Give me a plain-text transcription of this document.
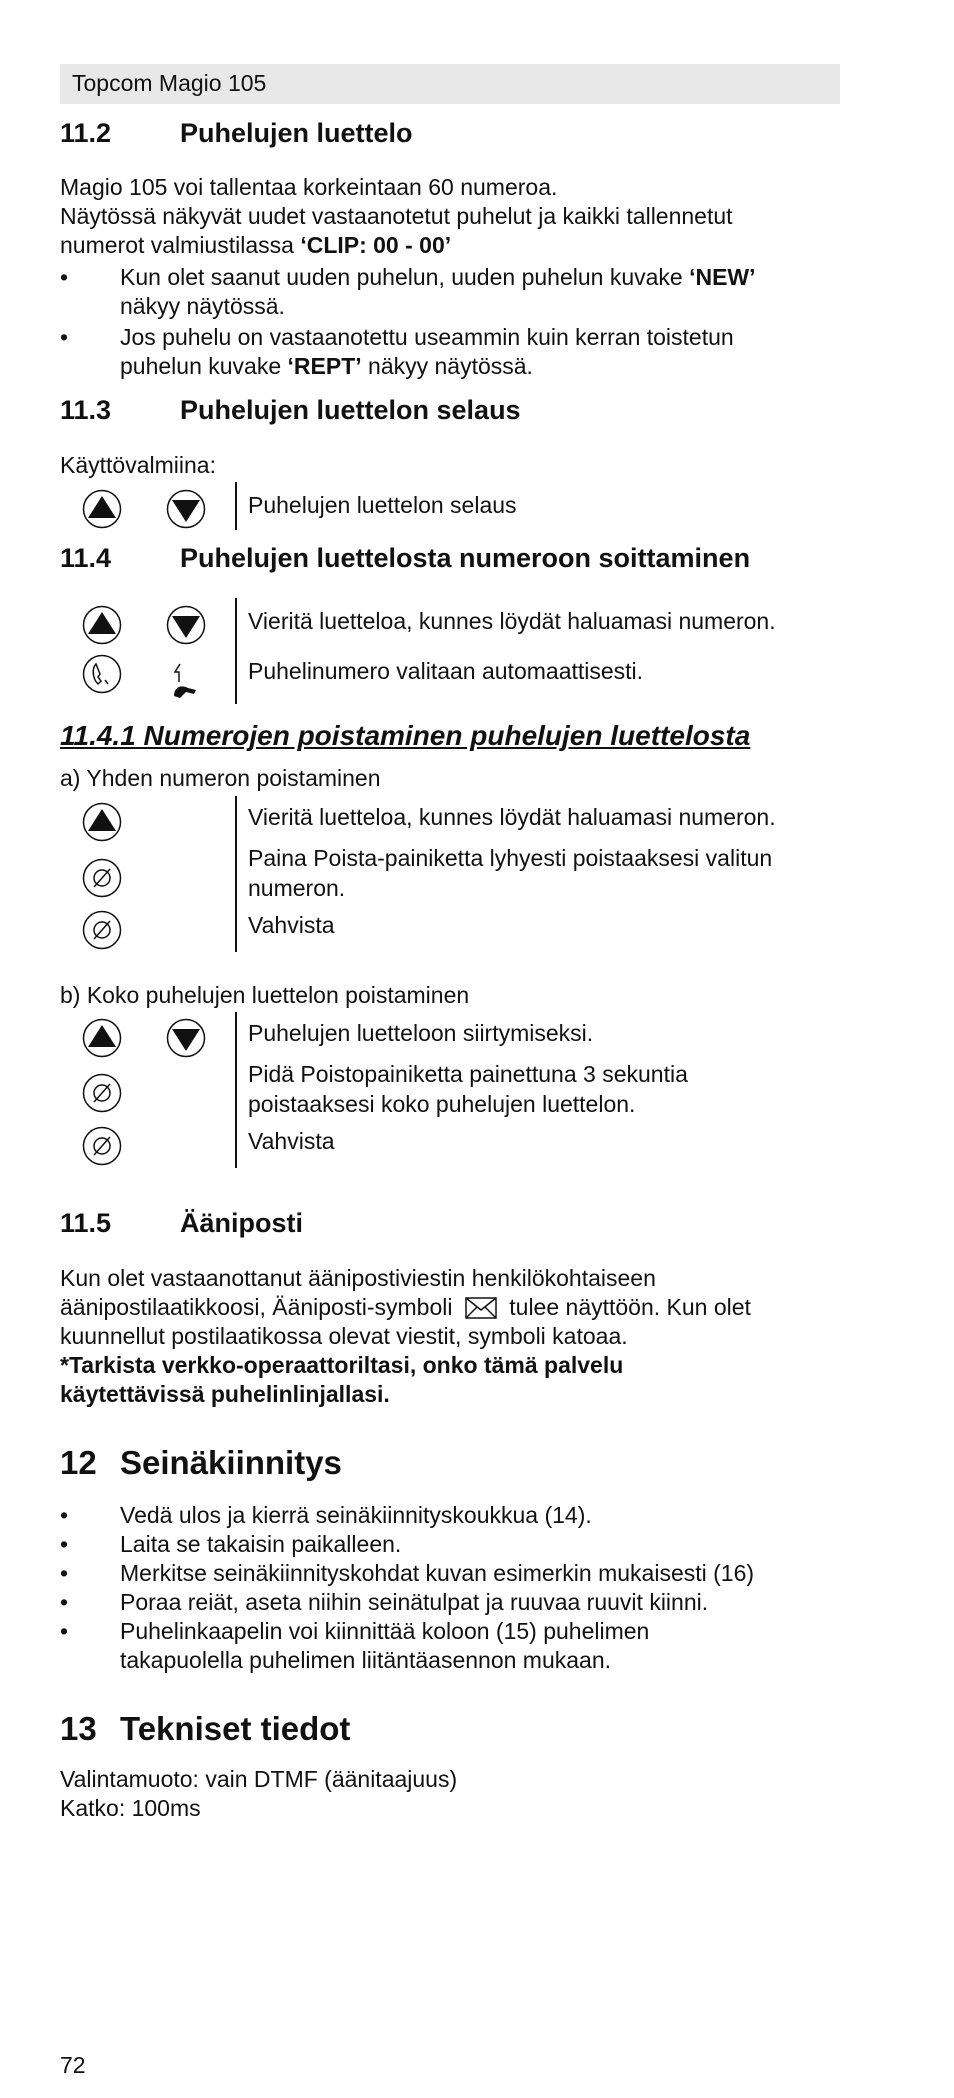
Topcom Magio 105
11.2	Puhelujen luettelo
Magio 105 voi tallentaa korkeintaan 60 numeroa.
Näytössä näkyvät uudet vastaanotetut puhelut ja kaikki tallennetut
numerot valmiustilassa ‘CLIP: 00 - 00’
• Kun olet saanut uuden puhelun, uuden puhelun kuvake ‘NEW’
näkyy näytössä.
• Jos puhelu on vastaanotettu useammin kuin kerran toistetun
puhelun kuvake ‘REPT’ näkyy näytössä.
11.3	Puhelujen luettelon selaus
Käyttövalmiina:
Puhelujen luettelon selaus
11.4	Puhelujen luettelosta numeroon soittaminen
Vieritä luetteloa, kunnes löydät haluamasi numeron.
Puhelinumero valitaan automaattisesti.
11.4.1 Numerojen poistaminen puhelujen luettelosta
a) Yhden numeron poistaminen
Vieritä luetteloa, kunnes löydät haluamasi numeron.
Paina Poista-painiketta lyhyesti poistaaksesi valitun
numeron.
Vahvista
b) Koko puhelujen luettelon poistaminen
Puhelujen luetteloon siirtymiseksi.
Pidä Poistopainiketta painettuna 3 sekuntia
poistaaksesi koko puhelujen luettelon.
Vahvista
11.5	Ääniposti
Kun olet vastaanottanut äänipostiviestin henkilökohtaiseen
äänipostilaatikkoosi, Ääniposti-symboli tulee näyttöön. Kun olet
kuunnellut postilaatikossa olevat viestit, symboli katoaa.
*Tarkista verkko-operaattoriltasi, onko tämä palvelu
käytettävissä puhelinlinjallasi.
12 Seinäkiinnitys
• Vedä ulos ja kierrä seinäkiinnityskoukkua (14).
• Laita se takaisin paikalleen.
• Merkitse seinäkiinnityskohdat kuvan esimerkin mukaisesti (16)
• Poraa reiät, aseta niihin seinätulpat ja ruuvaa ruuvit kiinni.
• Puhelinkaapelin voi kiinnittää koloon (15) puhelimen
takapuolella puhelimen liitäntäasennon mukaan.
13 Tekniset tiedot
Valintamuoto: vain DTMF (äänitaajuus)
Katko: 100ms
72
